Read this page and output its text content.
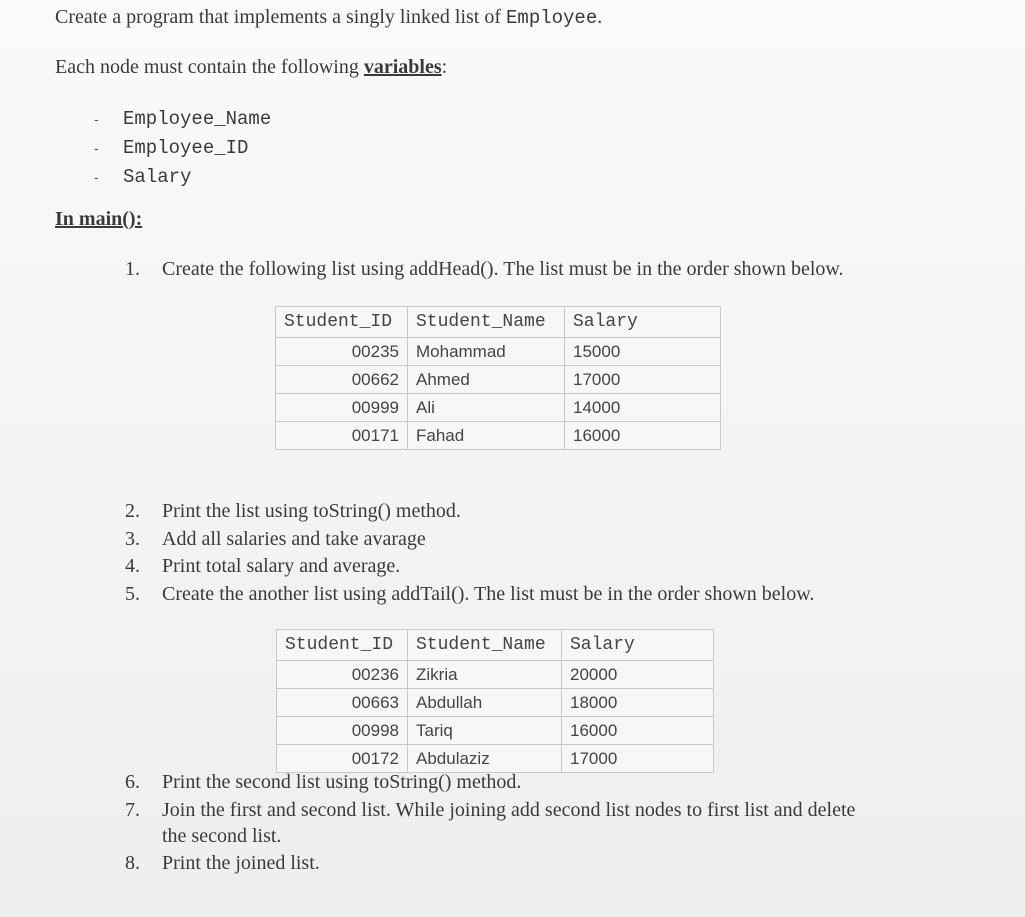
Create a program that implements a singly linked list of Employee.
Each node must contain the following variables:
-	Employee_Name
-	Employee_ID
-	Salary
In main():
1.	Create the following list using addHead(). The list must be in the order shown below.
Student_ID	Student_Name	Salary
00235	Mohammad	15000
00662	Ahmed	17000
00999	Ali	14000
00171	Fahad	16000
2.	Print the list using toString() method.
3.	Add all salaries and take avarage
4.	Print total salary and average.
5.	Create the another list using addTail(). The list must be in the order shown below.
Student_ID	Student_Name	Salary
00236	Zikria	20000
00663	Abdullah	18000
00998	Tariq	16000
00172	Abdulaziz	17000
6.	Print the second list using toString() method.
7.	Join the first and second list. While joining add second list nodes to first list and delete
the second list.
8.	Print the joined list.
